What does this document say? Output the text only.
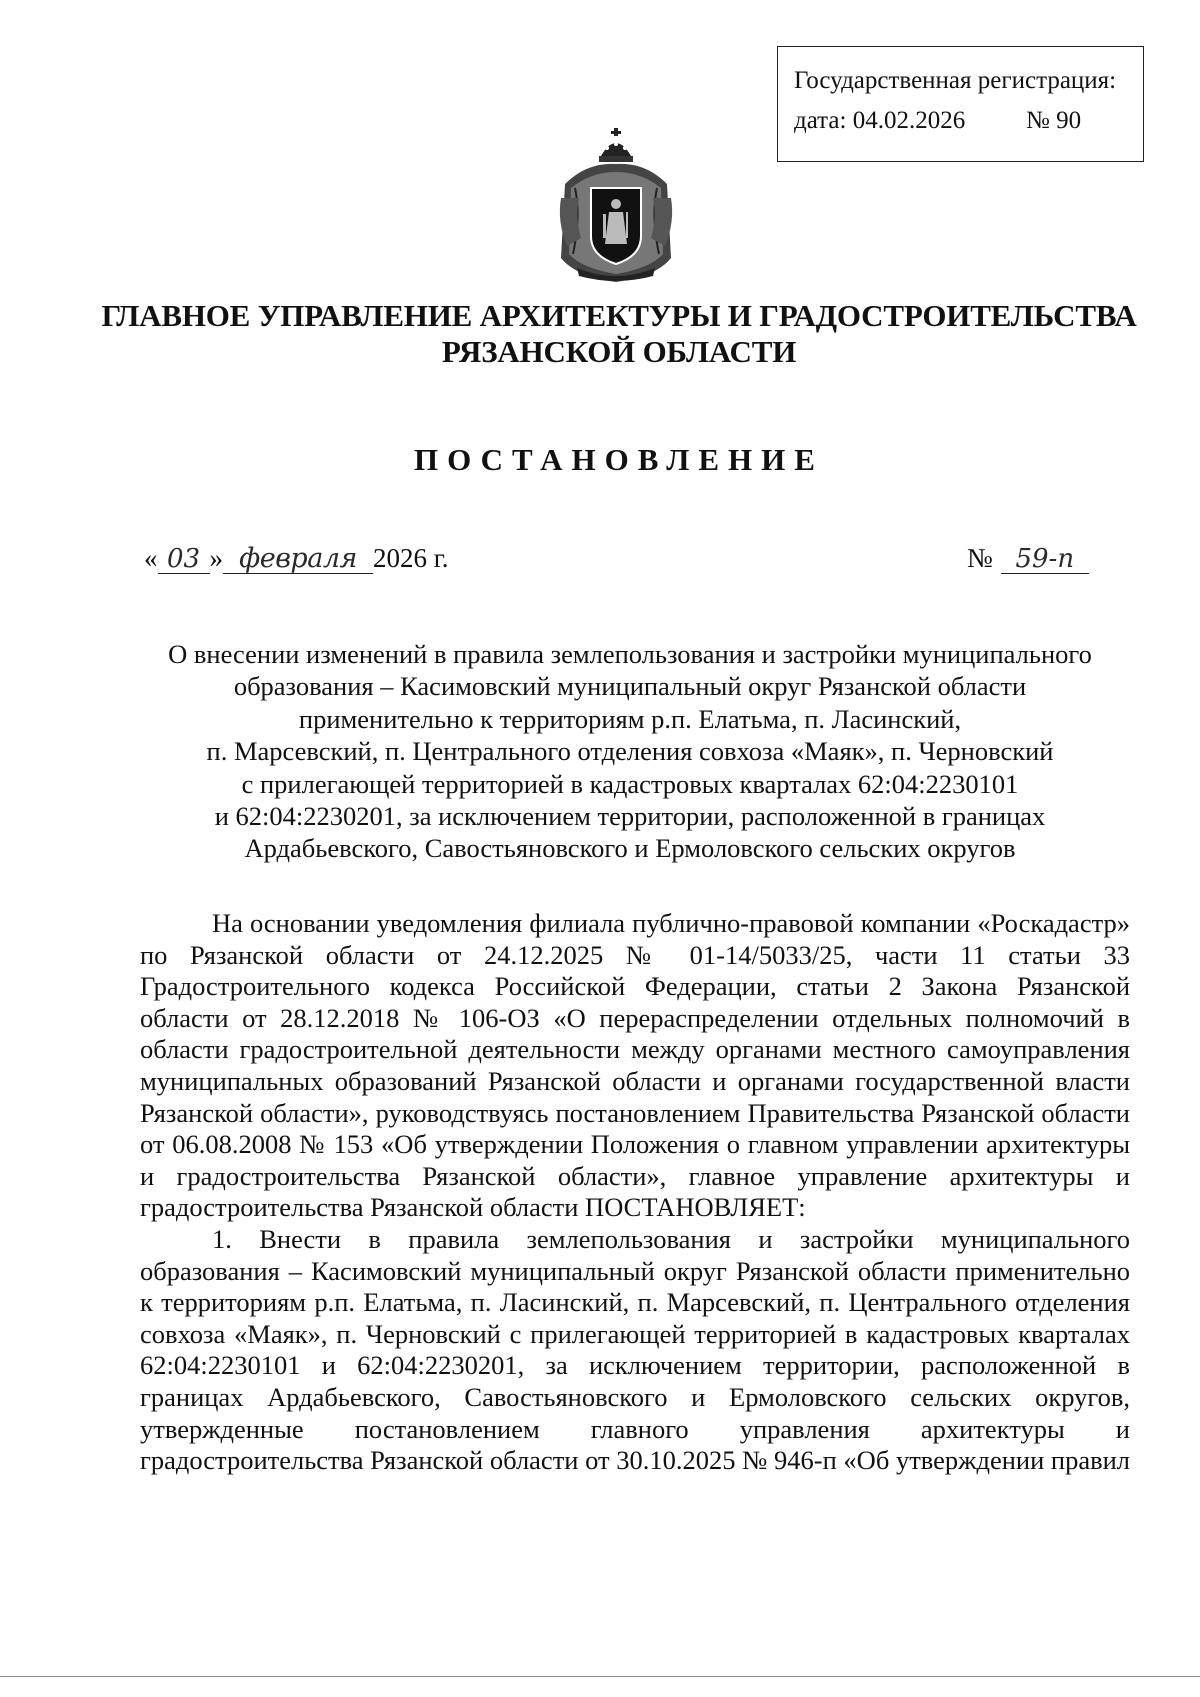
Государственная регистрация:
дата: 04.02.2026	№ 90
ГЛАВНОЕ УПРАВЛЕНИЕ АРХИТЕКТУРЫ И ГРАДОСТРОИТЕЛЬСТВА
РЯЗАНСКОЙ ОБЛАСТИ
ПОСТАНОВЛЕНИЕ
« 03 » февраля 2026 г.	№ 59-п
О внесении изменений в правила землепользования и застройки муниципального
образования – Касимовский муниципальный округ Рязанской области
применительно к территориям р.п. Елатьма, п. Ласинский,
п. Марсевский, п. Центрального отделения совхоза «Маяк», п. Черновский
с прилегающей территорией в кадастровых кварталах 62:04:2230101
и 62:04:2230201, за исключением территории, расположенной в границах
Ардабьевского, Савостьяновского и Ермоловского сельских округов

На основании уведомления филиала публично-правовой компании «Роскадастр» по Рязанской области от 24.12.2025 № 01-14/5033/25, части 11 статьи 33 Градостроительного кодекса Российской Федерации, статьи 2 Закона Рязанской области от 28.12.2018 № 106-ОЗ «О перераспределении отдельных полномочий в области градостроительной деятельности между органами местного самоуправления муниципальных образований Рязанской области и органами государственной власти Рязанской области», руководствуясь постановлением Правительства Рязанской области от 06.08.2008 № 153 «Об утверждении Положения о главном управлении архитектуры и градостроительства Рязанской области», главное управление архитектуры и градостроительства Рязанской области ПОСТАНОВЛЯЕТ:

1. Внести в правила землепользования и застройки муниципального образования – Касимовский муниципальный округ Рязанской области применительно к территориям р.п. Елатьма, п. Ласинский, п. Марсевский, п. Центрального отделения совхоза «Маяк», п. Черновский с прилегающей территорией в кадастровых кварталах 62:04:2230101 и 62:04:2230201, за исключением территории, расположенной в границах Ардабьевского, Савостьяновского и Ермоловского сельских округов, утвержденные постановлением главного управления архитектуры и градостроительства Рязанской области от 30.10.2025 № 946-п «Об утверждении правил
